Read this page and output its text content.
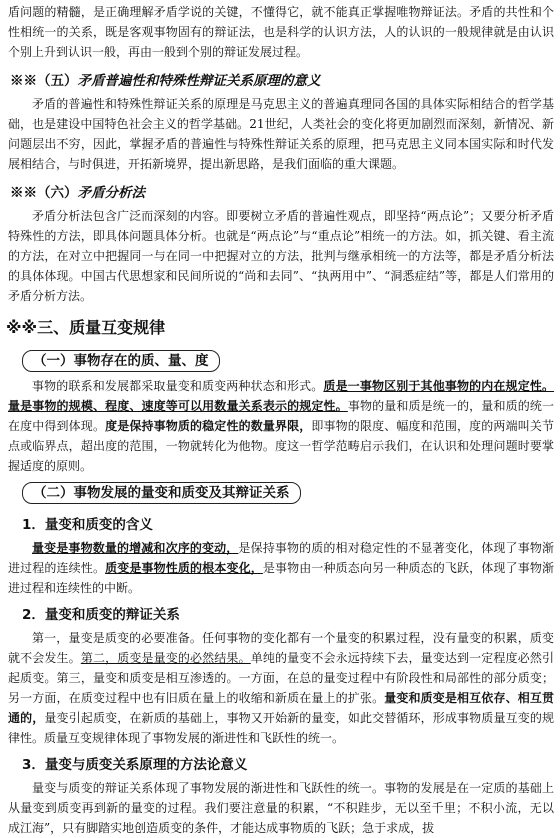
盾问题的精髓，是正确理解矛盾学说的关键，不懂得它，就不能真正掌握唯物辩证法。矛盾的共性和个性相统一的关系，既是客观事物固有的辩证法，也是科学的认识方法，人的认识的一般规律就是由认识个别上升到认识一般，再由一般到个别的辩证发展过程。

※※（五）矛盾普遍性和特殊性辩证关系原理的意义

矛盾的普遍性和特殊性辩证关系的原理是马克思主义的普遍真理同各国的具体实际相结合的哲学基础，也是建设中国特色社会主义的哲学基础。21世纪，人类社会的变化将更加剧烈而深刻，新情况、新问题层出不穷，因此，掌握矛盾的普遍性与特殊性辩证关系的原理，把马克思主义同本国实际和时代发展相结合，与时俱进，开拓新境界，提出新思路，是我们面临的重大课题。

※※（六）矛盾分析法

矛盾分析法包含广泛而深刻的内容。即要树立矛盾的普遍性观点，即坚持“两点论”；又要分析矛盾特殊性的方法，即具体问题具体分析。也就是“两点论”与“重点论”相统一的方法。如，抓关键、看主流的方法，在对立中把握同一与在同一中把握对立的方法，批判与继承相统一的方法等，都是矛盾分析法的具体体现。中国古代思想家和民间所说的“尚和去同”、“执两用中”、“洞悉症结”等，都是人们常用的矛盾分析方法。

※※三、质量互变规律
（一）事物存在的质、量、度

事物的联系和发展都采取量变和质变两种状态和形式。质是一事物区别于其他事物的内在规定性。量是事物的规模、程度、速度等可以用数量关系表示的规定性。事物的量和质是统一的，量和质的统一在度中得到体现。度是保持事物质的稳定性的数量界限，即事物的限度、幅度和范围，度的两端叫关节点或临界点，超出度的范围，一物就转化为他物。度这一哲学范畴启示我们，在认识和处理问题时要掌握适度的原则。

（二）事物发展的量变和质变及其辩证关系
1．量变和质变的含义

量变是事物数量的增减和次序的变动，是保持事物的质的相对稳定性的不显著变化，体现了事物渐进过程的连续性。质变是事物性质的根本变化，是事物由一种质态向另一种质态的飞跃，体现了事物渐进过程和连续性的中断。

2．量变和质变的辩证关系

第一，量变是质变的必要准备。任何事物的变化都有一个量变的积累过程，没有量变的积累，质变就不会发生。第二，质变是量变的必然结果。单纯的量变不会永远持续下去，量变达到一定程度必然引起质变。第三，量变和质变是相互渗透的。一方面，在总的量变过程中有阶段性和局部性的部分质变；另一方面，在质变过程中也有旧质在量上的收缩和新质在量上的扩张。量变和质变是相互依存、相互贯通的，量变引起质变，在新质的基础上，事物又开始新的量变，如此交替循环，形成事物质量互变的规律性。质量互变规律体现了事物发展的渐进性和飞跃性的统一。

3．量变与质变关系原理的方法论意义

量变与质变的辩证关系体现了事物发展的渐进性和飞跃性的统一。事物的发展是在一定质的基础上从量变到质变再到新的量变的过程。我们要注意量的积累，“不积跬步，无以至千里；不积小流，无以成江海”，只有脚踏实地创造质变的条件，才能达成事物质的飞跃；急于求成，拔
